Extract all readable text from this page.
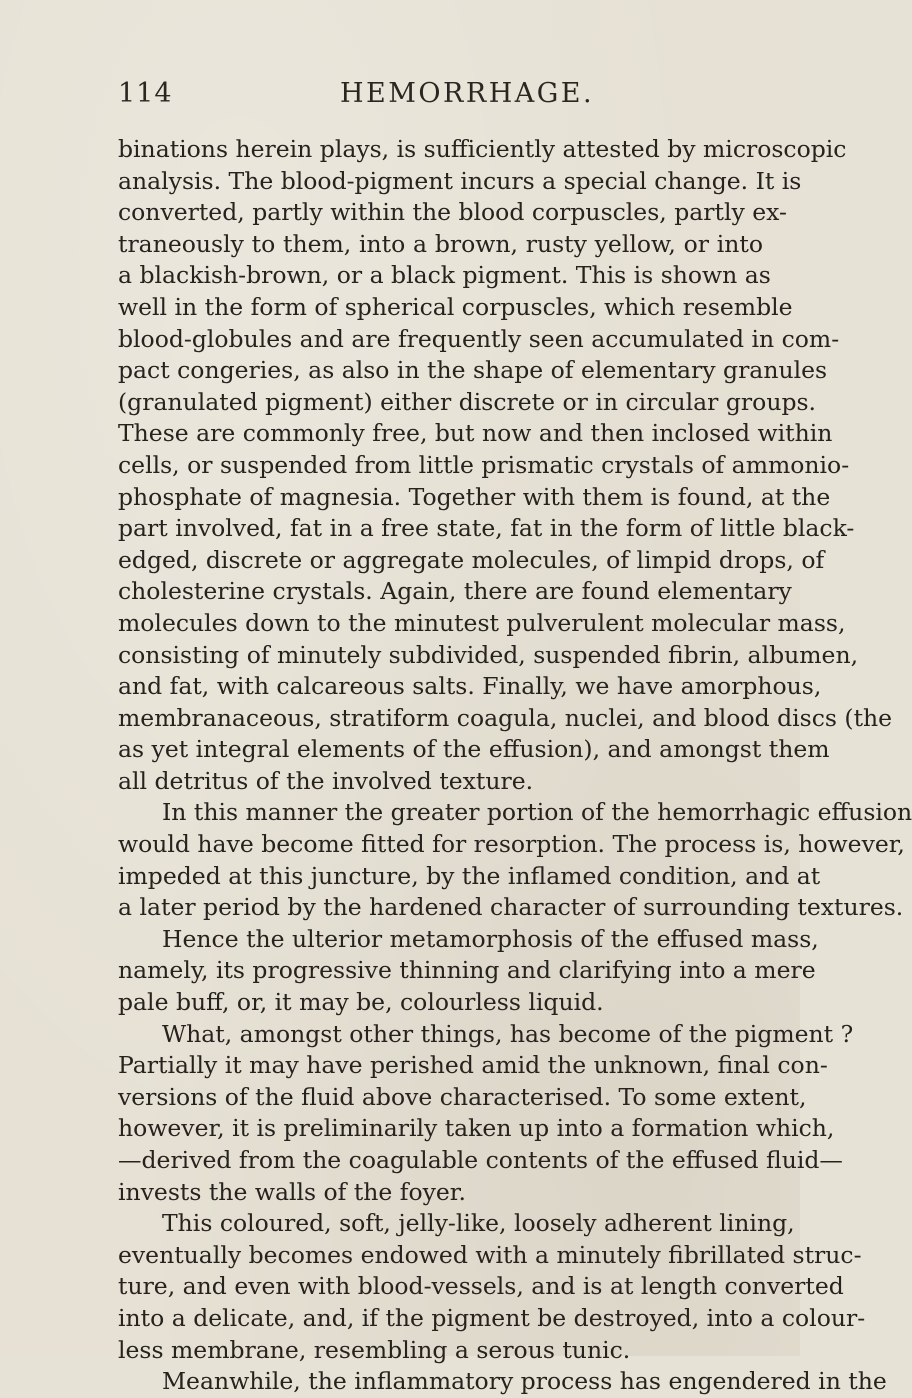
114	HEMORRHAGE.
binations herein plays, is sufficiently attested by microscopic
analysis. The blood-pigment incurs a special change. It is
converted, partly within the blood corpuscles, partly ex-
traneously to them, into a brown, rusty yellow, or into
a blackish-brown, or a black pigment. This is shown as
well in the form of spherical corpuscles, which resemble
blood-globules and are frequently seen accumulated in com-
pact congeries, as also in the shape of elementary granules
(granulated pigment) either discrete or in circular groups.
These are commonly free, but now and then inclosed within
cells, or suspended from little prismatic crystals of ammonio-
phosphate of magnesia. Together with them is found, at the
part involved, fat in a free state, fat in the form of little black-
edged, discrete or aggregate molecules, of limpid drops, of
cholesterine crystals. Again, there are found elementary
molecules down to the minutest pulverulent molecular mass,
consisting of minutely subdivided, suspended fibrin, albumen,
and fat, with calcareous salts. Finally, we have amorphous,
membranaceous, stratiform coagula, nuclei, and blood discs (the
as yet integral elements of the effusion), and amongst them
all detritus of the involved texture.
In this manner the greater portion of the hemorrhagic effusion
would have become fitted for resorption. The process is, however,
impeded at this juncture, by the inflamed condition, and at
a later period by the hardened character of surrounding textures.
Hence the ulterior metamorphosis of the effused mass,
namely, its progressive thinning and clarifying into a mere
pale buff, or, it may be, colourless liquid.
What, amongst other things, has become of the pigment ?
Partially it may have perished amid the unknown, final con-
versions of the fluid above characterised. To some extent,
however, it is preliminarily taken up into a formation which,
—derived from the coagulable contents of the effused fluid—
invests the walls of the foyer.
This coloured, soft, jelly-like, loosely adherent lining,
eventually becomes endowed with a minutely fibrillated struc-
ture, and even with blood-vessels, and is at length converted
into a delicate, and, if the pigment be destroyed, into a colour-
less membrane, resembling a serous tunic.
Meanwhile, the inflammatory process has engendered in the
